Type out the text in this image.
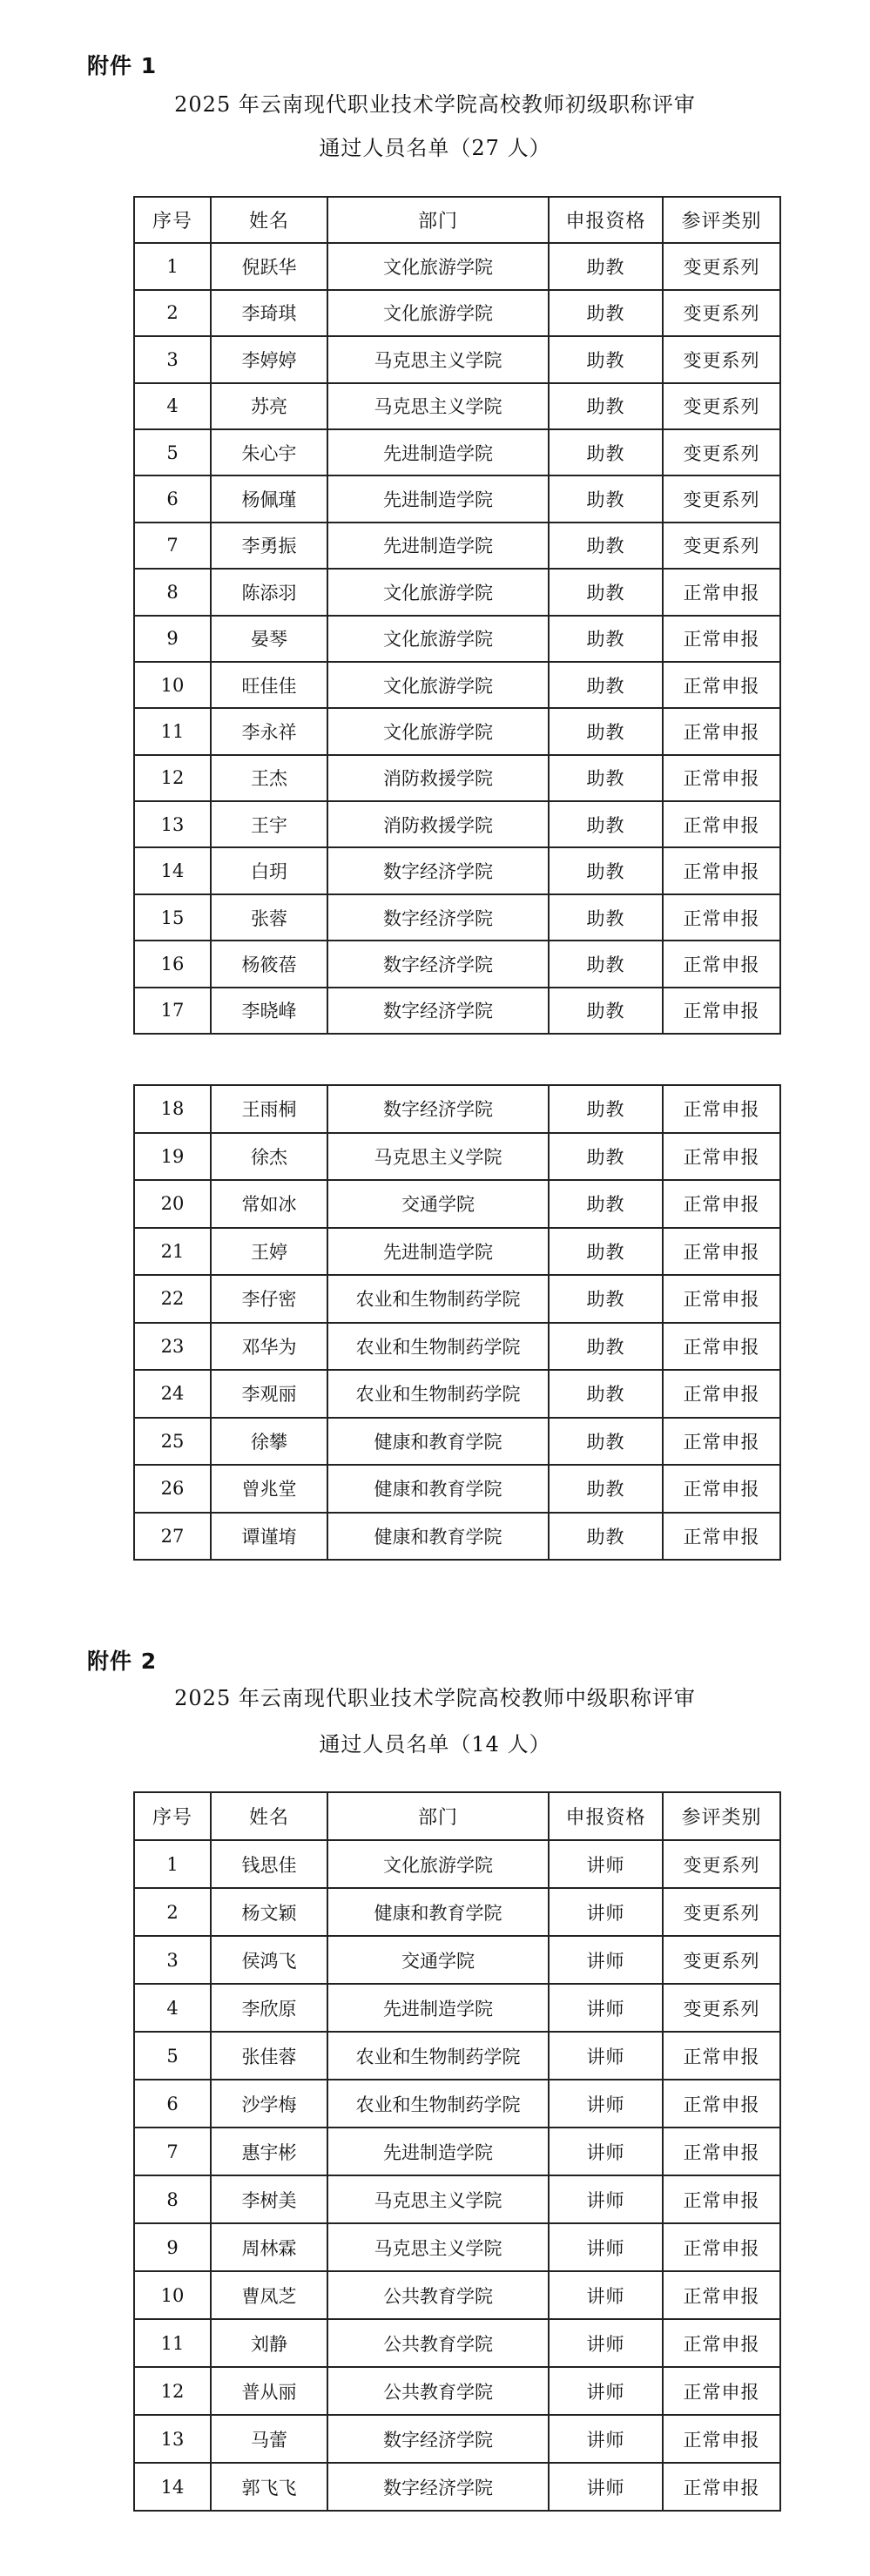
附件 1
2025 年云南现代职业技术学院高校教师初级职称评审
通过人员名单（27 人）
序号	姓名	部门	申报资格	参评类别
1	倪跃华	文化旅游学院	助教	变更系列
2	李琦琪	文化旅游学院	助教	变更系列
3	李婷婷	马克思主义学院	助教	变更系列
4	苏亮	马克思主义学院	助教	变更系列
5	朱心宇	先进制造学院	助教	变更系列
6	杨佩瑾	先进制造学院	助教	变更系列
7	李勇振	先进制造学院	助教	变更系列
8	陈添羽	文化旅游学院	助教	正常申报
9	晏琴	文化旅游学院	助教	正常申报
10	旺佳佳	文化旅游学院	助教	正常申报
11	李永祥	文化旅游学院	助教	正常申报
12	王杰	消防救援学院	助教	正常申报
13	王宇	消防救援学院	助教	正常申报
14	白玥	数字经济学院	助教	正常申报
15	张蓉	数字经济学院	助教	正常申报
16	杨筱蓓	数字经济学院	助教	正常申报
17	李晓峰	数字经济学院	助教	正常申报
18	王雨桐	数字经济学院	助教	正常申报
19	徐杰	马克思主义学院	助教	正常申报
20	常如冰	交通学院	助教	正常申报
21	王婷	先进制造学院	助教	正常申报
22	李仔密	农业和生物制药学院	助教	正常申报
23	邓华为	农业和生物制药学院	助教	正常申报
24	李观丽	农业和生物制药学院	助教	正常申报
25	徐攀	健康和教育学院	助教	正常申报
26	曾兆堂	健康和教育学院	助教	正常申报
27	谭谨堉	健康和教育学院	助教	正常申报
附件 2
2025 年云南现代职业技术学院高校教师中级职称评审
通过人员名单（14 人）
序号	姓名	部门	申报资格	参评类别
1	钱思佳	文化旅游学院	讲师	变更系列
2	杨文颖	健康和教育学院	讲师	变更系列
3	侯鸿飞	交通学院	讲师	变更系列
4	李欣原	先进制造学院	讲师	变更系列
5	张佳蓉	农业和生物制药学院	讲师	正常申报
6	沙学梅	农业和生物制药学院	讲师	正常申报
7	惠宇彬	先进制造学院	讲师	正常申报
8	李树美	马克思主义学院	讲师	正常申报
9	周林霖	马克思主义学院	讲师	正常申报
10	曹凤芝	公共教育学院	讲师	正常申报
11	刘静	公共教育学院	讲师	正常申报
12	普从丽	公共教育学院	讲师	正常申报
13	马蕾	数字经济学院	讲师	正常申报
14	郭飞飞	数字经济学院	讲师	正常申报
